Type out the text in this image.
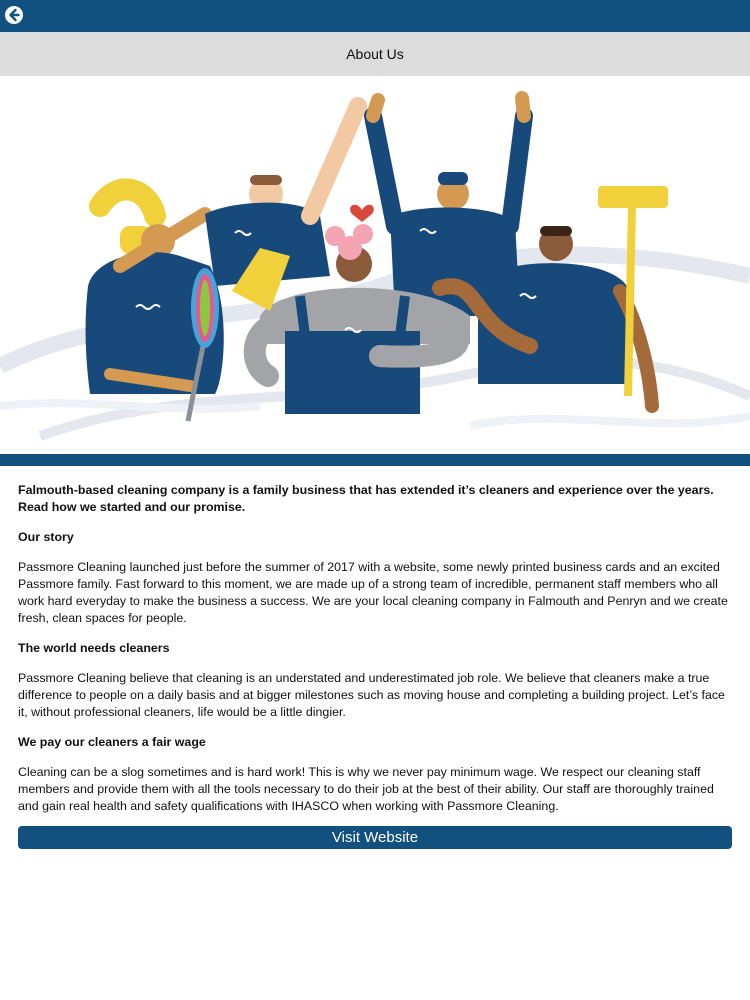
About Us

Falmouth-based cleaning company is a family business that has extended it’s cleaners and experience over the years. Read how we started and our promise.

Our story

Passmore Cleaning launched just before the summer of 2017 with a website, some newly printed business cards and an excited Passmore family. Fast forward to this moment, we are made up of a strong team of incredible, permanent staff members who all work hard everyday to make the business a success. We are your local cleaning company in Falmouth and Penryn and we create fresh, clean spaces for people.

The world needs cleaners

Passmore Cleaning believe that cleaning is an understated and underestimated job role. We believe that cleaners make a true difference to people on a daily basis and at bigger milestones such as moving house and completing a building project. Let’s face it, without professional cleaners, life would be a little dingier.

We pay our cleaners a fair wage

Cleaning can be a slog sometimes and is hard work! This is why we never pay minimum wage. We respect our cleaning staff members and provide them with all the tools necessary to do their job at the best of their ability. Our staff are thoroughly trained and gain real health and safety qualifications with IHASCO when working with Passmore Cleaning.

Visit Website
